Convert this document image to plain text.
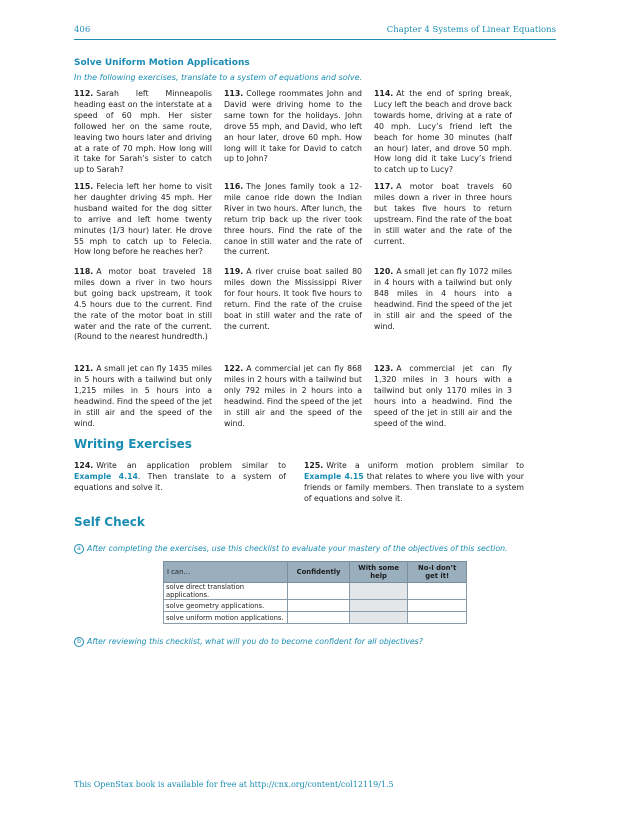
406	Chapter 4 Systems of Linear Equations

Solve Uniform Motion Applications

In the following exercises, translate to a system of equations and solve.

112. Sarah left Minneapolis heading east on the interstate at a speed of 60 mph. Her sister followed her on the same route, leaving two hours later and driving at a rate of 70 mph. How long will it take for Sarah’s sister to catch up to Sarah?

113. College roommates John and David were driving home to the same town for the holidays. John drove 55 mph, and David, who left an hour later, drove 60 mph. How long will it take for David to catch up to John?

114. At the end of spring break, Lucy left the beach and drove back towards home, driving at a rate of 40 mph. Lucy’s friend left the beach for home 30 minutes (half an hour) later, and drove 50 mph. How long did it take Lucy’s friend to catch up to Lucy?

115. Felecia left her home to visit her daughter driving 45 mph. Her husband waited for the dog sitter to arrive and left home twenty minutes (1/3 hour) later. He drove 55 mph to catch up to Felecia. How long before he reaches her?

116. The Jones family took a 12-mile canoe ride down the Indian River in two hours. After lunch, the return trip back up the river took three hours. Find the rate of the canoe in still water and the rate of the current.

117. A motor boat travels 60 miles down a river in three hours but takes five hours to return upstream. Find the rate of the boat in still water and the rate of the current.

118. A motor boat traveled 18 miles down a river in two hours but going back upstream, it took 4.5 hours due to the current. Find the rate of the motor boat in still water and the rate of the current. (Round to the nearest hundredth.)

119. A river cruise boat sailed 80 miles down the Mississippi River for four hours. It took five hours to return. Find the rate of the cruise boat in still water and the rate of the current.

120. A small jet can fly 1072 miles in 4 hours with a tailwind but only 848 miles in 4 hours into a headwind. Find the speed of the jet in still air and the speed of the wind.

121. A small jet can fly 1435 miles in 5 hours with a tailwind but only 1,215 miles in 5 hours into a headwind. Find the speed of the jet in still air and the speed of the wind.

122. A commercial jet can fly 868 miles in 2 hours with a tailwind but only 792 miles in 2 hours into a headwind. Find the speed of the jet in still air and the speed of the wind.

123. A commercial jet can fly 1,320 miles in 3 hours with a tailwind but only 1170 miles in 3 hours into a headwind. Find the speed of the jet in still air and the speed of the wind.

Writing Exercises

124. Write an application problem similar to Example 4.14. Then translate to a system of equations and solve it.

125. Write a uniform motion problem similar to Example 4.15 that relates to where you live with your friends or family members. Then translate to a system of equations and solve it.

Self Check

a After completing the exercises, use this checklist to evaluate your mastery of the objectives of this section.

I can…	Confidently	With some help	No-I don’t get it!
solve direct translation applications.			
solve geometry applications.			
solve uniform motion applications.			

b After reviewing this checklist, what will you do to become confident for all objectives?

This OpenStax book is available for free at http://cnx.org/content/col12119/1.5
